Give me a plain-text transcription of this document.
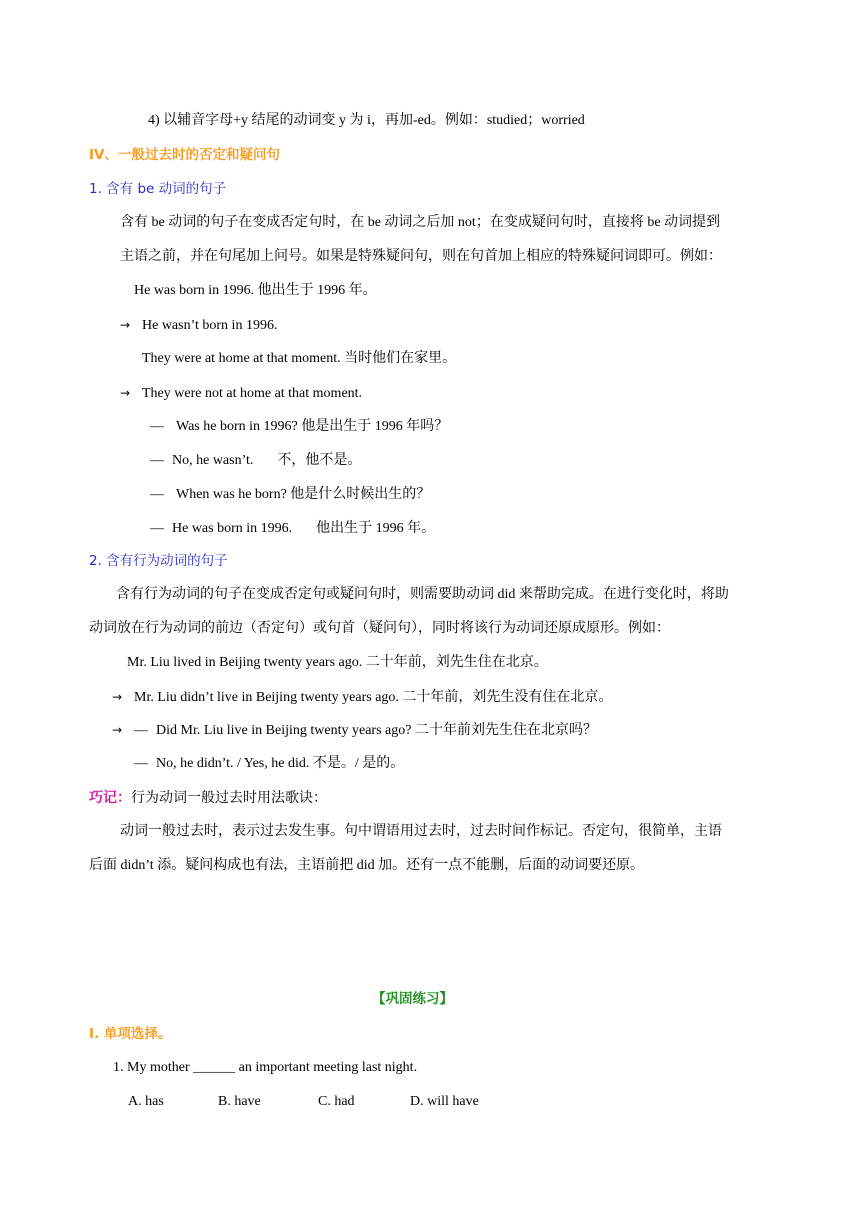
4) 以辅音字母+y 结尾的动词变 y 为 i，再加-ed。例如：studied；worried
IV、一般过去时的否定和疑问句
1. 含有 be 动词的句子
含有 be 动词的句子在变成否定句时，在 be 动词之后加 not；在变成疑问句时，直接将 be 动词提到
主语之前，并在句尾加上问号。如果是特殊疑问句，则在句首加上相应的特殊疑问词即可。例如：
He was born in 1996. 他出生于 1996 年。
→ He wasn’t born in 1996.
They were at home at that moment. 当时他们在家里。
→ They were not at home at that moment.
— Was he born in 1996? 他是出生于 1996 年吗？
— No, he wasn’t. 不，他不是。
— When was he born? 他是什么时候出生的？
— He was born in 1996. 他出生于 1996 年。
2. 含有行为动词的句子
含有行为动词的句子在变成否定句或疑问句时，则需要助动词 did 来帮助完成。在进行变化时，将助
动词放在行为动词的前边（否定句）或句首（疑问句），同时将该行为动词还原成原形。例如：
Mr. Liu lived in Beijing twenty years ago. 二十年前，刘先生住在北京。
→ Mr. Liu didn’t live in Beijing twenty years ago. 二十年前，刘先生没有住在北京。
→ — Did Mr. Liu live in Beijing twenty years ago? 二十年前刘先生住在北京吗？
— No, he didn’t. / Yes, he did. 不是。/ 是的。
巧记：行为动词一般过去时用法歌诀：
动词一般过去时，表示过去发生事。句中谓语用过去时，过去时间作标记。否定句，很简单，主语
后面 didn’t 添。疑问构成也有法，主语前把 did 加。还有一点不能删，后面的动词要还原。
【巩固练习】
Ⅰ. 单项选择。
1. My mother ______ an important meeting last night.
A. has	B. have	C. had	D. will have
